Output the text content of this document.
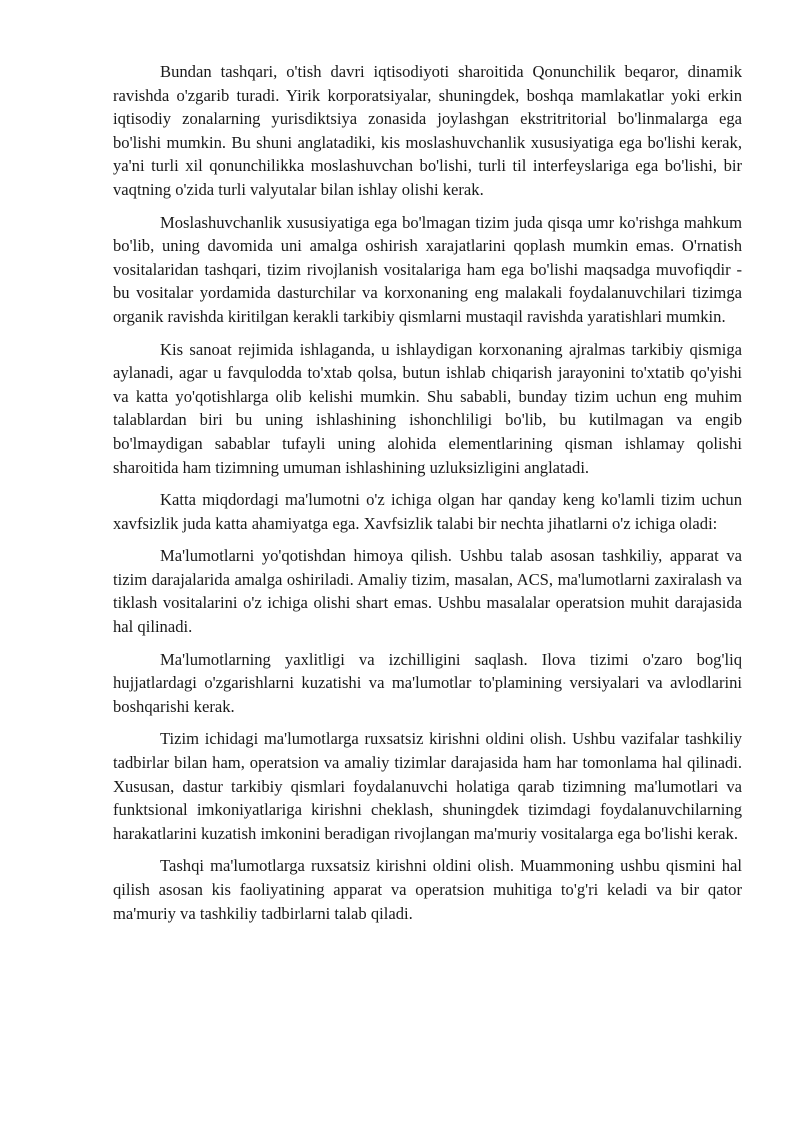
Bundan tashqari, o'tish davri iqtisodiyoti sharoitida Qonunchilik beqaror, dinamik ravishda o'zgarib turadi. Yirik korporatsiyalar, shuningdek, boshqa mamlakatlar yoki erkin iqtisodiy zonalarning yurisdiktsiya zonasida joylashgan ekstritritorial bo'linmalarga ega bo'lishi mumkin. Bu shuni anglatadiki, kis moslashuvchanlik xususiyatiga ega bo'lishi kerak, ya'ni turli xil qonunchilikka moslashuvchan bo'lishi, turli til interfeyslariga ega bo'lishi, bir vaqtning o'zida turli valyutalar bilan ishlay olishi kerak.

Moslashuvchanlik xususiyatiga ega bo'lmagan tizim juda qisqa umr ko'rishga mahkum bo'lib, uning davomida uni amalga oshirish xarajatlarini qoplash mumkin emas. O'rnatish vositalaridan tashqari, tizim rivojlanish vositalariga ham ega bo'lishi maqsadga muvofiqdir - bu vositalar yordamida dasturchilar va korxonaning eng malakali foydalanuvchilari tizimga organik ravishda kiritilgan kerakli tarkibiy qismlarni mustaqil ravishda yaratishlari mumkin.

Kis sanoat rejimida ishlaganda, u ishlaydigan korxonaning ajralmas tarkibiy qismiga aylanadi, agar u favqulodda to'xtab qolsa, butun ishlab chiqarish jarayonini to'xtatib qo'yishi va katta yo'qotishlarga olib kelishi mumkin. Shu sababli, bunday tizim uchun eng muhim talablardan biri bu uning ishlashining ishonchliligi bo'lib, bu kutilmagan va engib bo'lmaydigan sabablar tufayli uning alohida elementlarining qisman ishlamay qolishi sharoitida ham tizimning umuman ishlashining uzluksizligini anglatadi.

Katta miqdordagi ma'lumotni o'z ichiga olgan har qanday keng ko'lamli tizim uchun xavfsizlik juda katta ahamiyatga ega. Xavfsizlik talabi bir nechta jihatlarni o'z ichiga oladi:

Ma'lumotlarni yo'qotishdan himoya qilish. Ushbu talab asosan tashkiliy, apparat va tizim darajalarida amalga oshiriladi. Amaliy tizim, masalan, ACS, ma'lumotlarni zaxiralash va tiklash vositalarini o'z ichiga olishi shart emas. Ushbu masalalar operatsion muhit darajasida hal qilinadi.

Ma'lumotlarning yaxlitligi va izchilligini saqlash. Ilova tizimi o'zaro bog'liq hujjatlardagi o'zgarishlarni kuzatishi va ma'lumotlar to'plamining versiyalari va avlodlarini boshqarishi kerak.

Tizim ichidagi ma'lumotlarga ruxsatsiz kirishni oldini olish. Ushbu vazifalar tashkiliy tadbirlar bilan ham, operatsion va amaliy tizimlar darajasida ham har tomonlama hal qilinadi. Xususan, dastur tarkibiy qismlari foydalanuvchi holatiga qarab tizimning ma'lumotlari va funktsional imkoniyatlariga kirishni cheklash, shuningdek tizimdagi foydalanuvchilarning harakatlarini kuzatish imkonini beradigan rivojlangan ma'muriy vositalarga ega bo'lishi kerak.

Tashqi ma'lumotlarga ruxsatsiz kirishni oldini olish. Muammoning ushbu qismini hal qilish asosan kis faoliyatining apparat va operatsion muhitiga to'g'ri keladi va bir qator ma'muriy va tashkiliy tadbirlarni talab qiladi.
